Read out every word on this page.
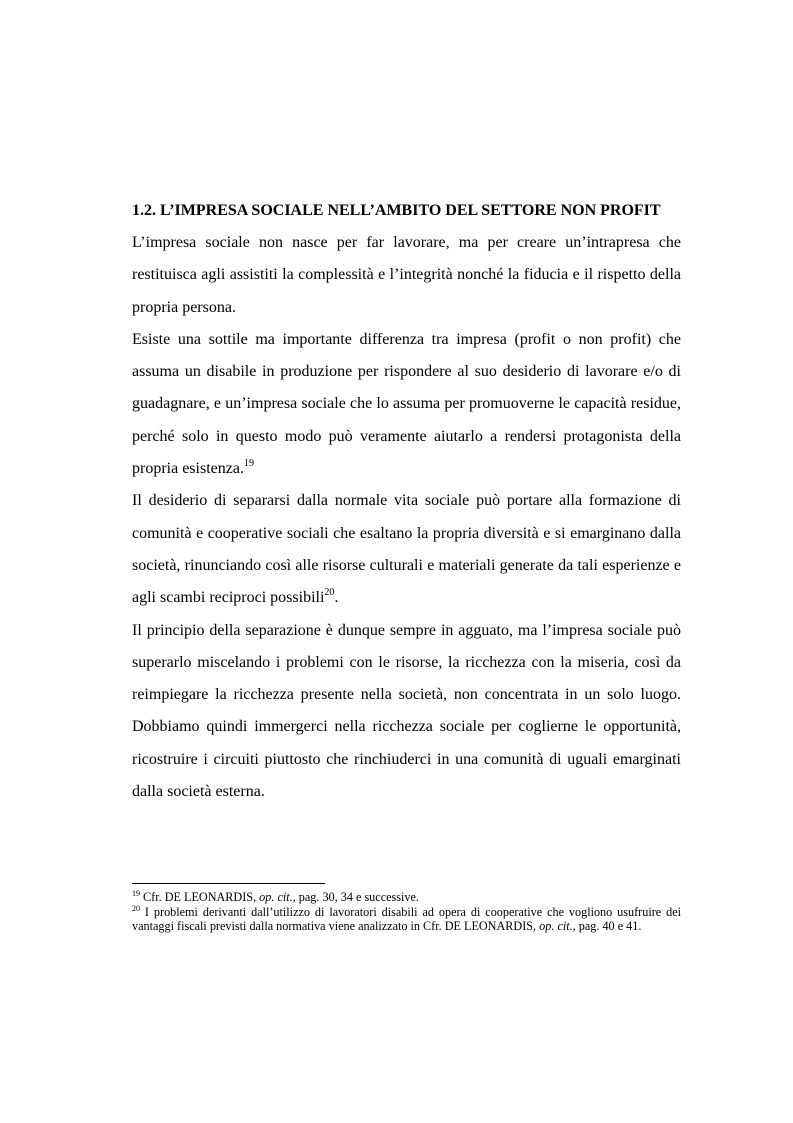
1.2. L’IMPRESA SOCIALE NELL’AMBITO DEL SETTORE NON PROFIT

L’impresa sociale non nasce per far lavorare, ma per creare un’intrapresa che restituisca agli assistiti la complessità e l’integrità nonché la fiducia e il rispetto della propria persona.

Esiste una sottile ma importante differenza tra impresa (profit o non profit) che assuma un disabile in produzione per rispondere al suo desiderio di lavorare e/o di guadagnare, e un’impresa sociale che lo assuma per promuoverne le capacità residue, perché solo in questo modo può veramente aiutarlo a rendersi protagonista della propria esistenza.$^{19}$

Il desiderio di separarsi dalla normale vita sociale può portare alla formazione di comunità e cooperative sociali che esaltano la propria diversità e si emarginano dalla società, rinunciando così alle risorse culturali e materiali generate da tali esperienze e agli scambi reciproci possibili$^{20}$.

Il principio della separazione è dunque sempre in agguato, ma l’impresa sociale può superarlo miscelando i problemi con le risorse, la ricchezza con la miseria, così da reimpiegare la ricchezza presente nella società, non concentrata in un solo luogo. Dobbiamo quindi immergerci nella ricchezza sociale per coglierne le opportunità, ricostruire i circuiti piuttosto che rinchiuderci in una comunità di uguali emarginati dalla società esterna.

$^{19}$ Cfr. DE LEONARDIS, op. cit., pag. 30, 34 e successive.

$^{20}$ I problemi derivanti dall’utilizzo di lavoratori disabili ad opera di cooperative che vogliono usufruire dei vantaggi fiscali previsti dalla normativa viene analizzato in Cfr. DE LEONARDIS, op. cit., pag. 40 e 41.
